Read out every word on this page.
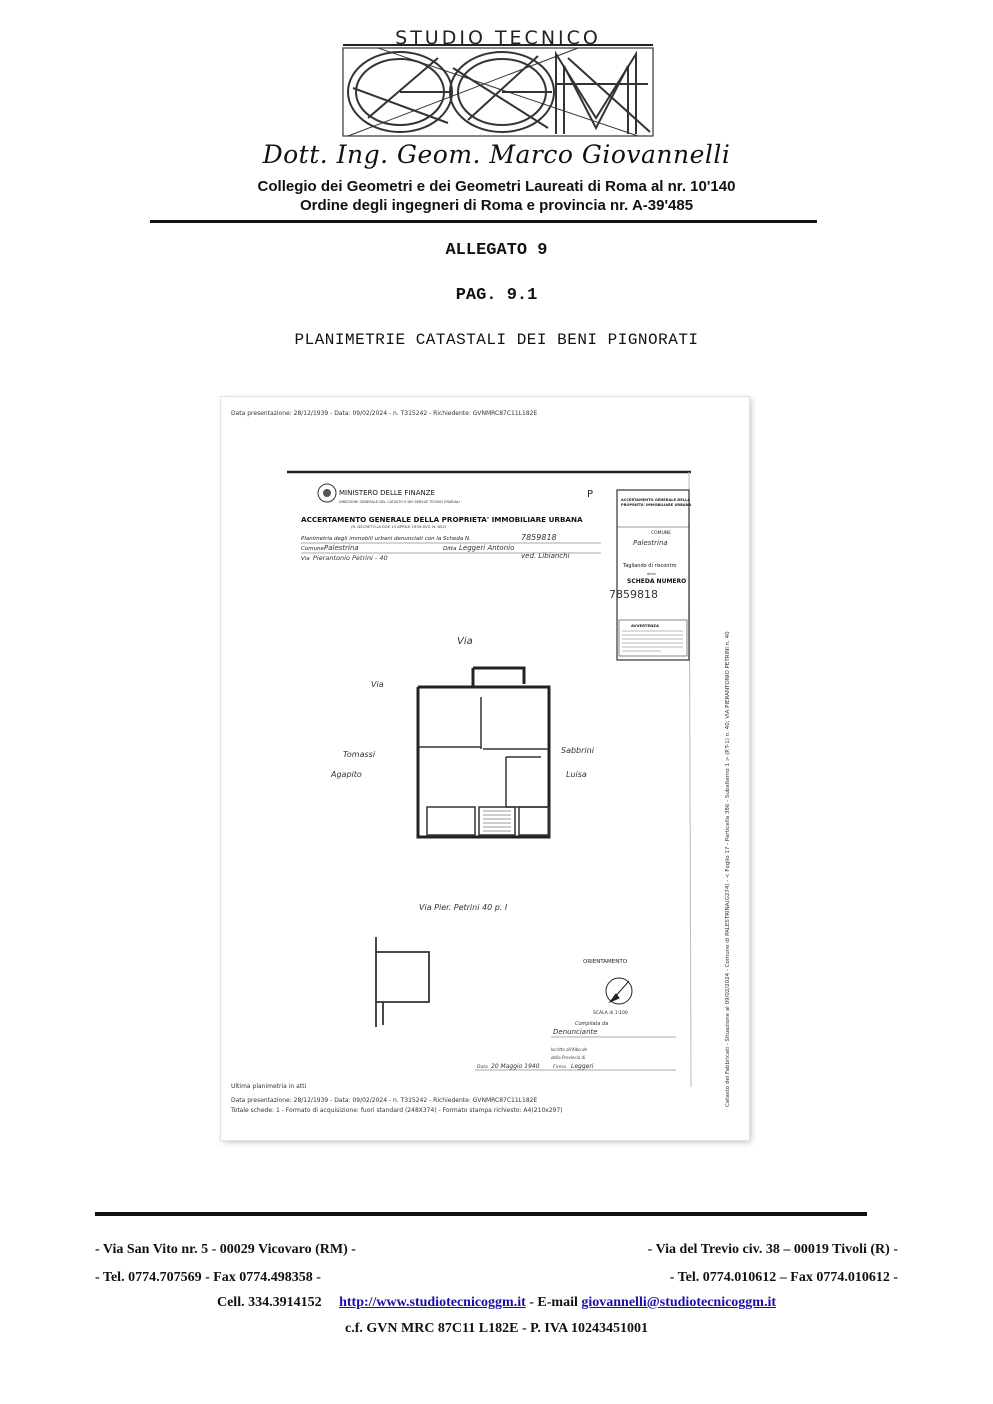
STUDIO TECNICO
Dott. Ing. Geom. Marco Giovannelli
Collegio dei Geometri e dei Geometri Laureati di Roma al nr. 10'140
Ordine degli ingegneri di Roma e provincia nr. A-39'485
ALLEGATO 9
PAG. 9.1
PLANIMETRIE CATASTALI DEI BENI PIGNORATI
Data presentazione: 28/12/1939 - Data: 09/02/2024 - n. T315242 - Richiedente: GVNMRC87C11L182E
MINISTERO DELLE FINANZE
DIREZIONE GENERALE DEL CATASTO E DEI SERVIZI TECNICI ERARIALI
ACCERTAMENTO GENERALE DELLA PROPRIETA' IMMOBILIARE URBANA
(R. DECRETO-LEGGE 13 APRILE 1939-XVII, N. 652)
P
Planimetria degli immobili urbani denunciati con la Scheda N.	7859818
Comune Palestrina	Ditta Leggeri Antonio
ved. Libianchi
Via Pierantonio Petrini - 40
ACCERTAMENTO GENERALE DELLA
PROPRIETA' IMMOBILIARE URBANA
COMUNE
Palestrina
Tagliando di riscontro
della
SCHEDA NUMERO
7859818
AVVERTENZA
Via
Via
Tomassi
Agapito
Sabbrini
Luisa
Via Pier. Petrini 40 p. I
ORIENTAMENTO
SCALA di 1:100
Compilata da
Denunciante
Iscritto all'Albo de
della Provincia di
Data 20 Maggio 1940	Firma Leggeri	Catasto dei Fabbricati - Situazione al 09/02/2024 - Comune di PALESTRINA(G274) - < Foglio 17 - Particella 386 - Subalterno 1 > (P.T-1) n. 40; VIA PIERANTONIO PETRINI n. 40
Ultima planimetria in atti
Data presentazione: 28/12/1939 - Data: 09/02/2024 - n. T315242 - Richiedente: GVNMRC87C11L182E
Totale schede: 1 - Formato di acquisizione: fuori standard (248X374) - Formato stampa richiesto: A4(210x297)
- Via San Vito nr. 5 - 00029 Vicovaro (RM) -	- Via del Trevio civ. 38 – 00019 Tivoli (R) -
- Tel. 0774.707569 - Fax 0774.498358 -	- Tel. 0774.010612 – Fax 0774.010612 -
Cell. 334.3914152 http://www.studiotecnicoggm.it - E-mail giovannelli@studiotecnicoggm.it
c.f. GVN MRC 87C11 L182E - P. IVA 10243451001
